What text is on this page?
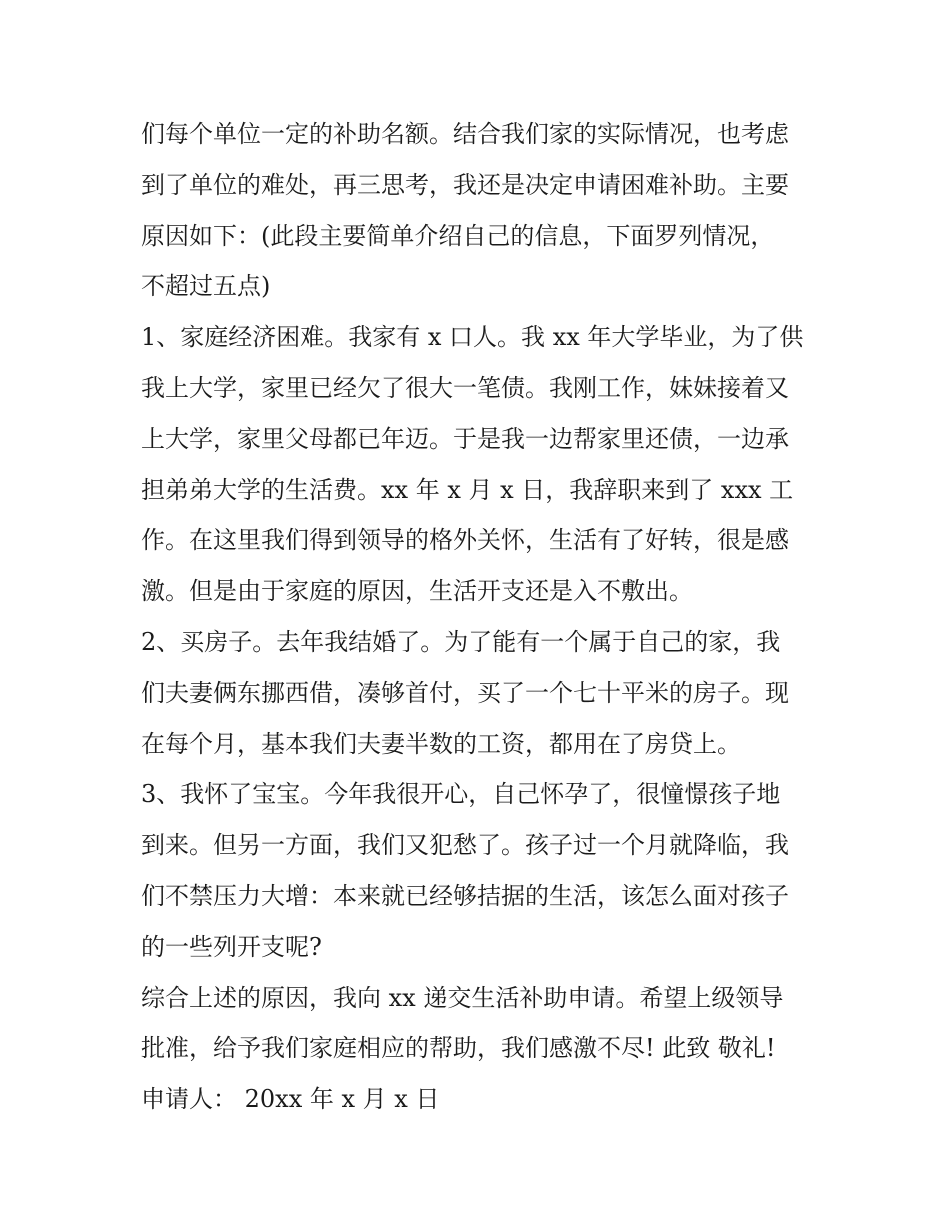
们每个单位一定的补助名额。结合我们家的实际情况，也考虑

到了单位的难处，再三思考，我还是决定申请困难补助。主要

原因如下：(此段主要简单介绍自己的信息，下面罗列情况，

不超过五点)

1、家庭经济困难。我家有 x 口人。我 xx 年大学毕业，为了供

我上大学，家里已经欠了很大一笔债。我刚工作，妹妹接着又

上大学，家里父母都已年迈。于是我一边帮家里还债，一边承

担弟弟大学的生活费。xx 年 x 月 x 日，我辞职来到了 xxx 工

作。在这里我们得到领导的格外关怀，生活有了好转，很是感

激。但是由于家庭的原因，生活开支还是入不敷出。

2、买房子。去年我结婚了。为了能有一个属于自己的家，我

们夫妻俩东挪西借，凑够首付，买了一个七十平米的房子。现

在每个月，基本我们夫妻半数的工资，都用在了房贷上。

3、我怀了宝宝。今年我很开心，自己怀孕了，很憧憬孩子地

到来。但另一方面，我们又犯愁了。孩子过一个月就降临，我

们不禁压力大增：本来就已经够拮据的生活，该怎么面对孩子

的一些列开支呢?

综合上述的原因，我向 xx 递交生活补助申请。希望上级领导

批准，给予我们家庭相应的帮助，我们感激不尽! 此致 敬礼!

申请人： 20xx 年 x 月 x 日
